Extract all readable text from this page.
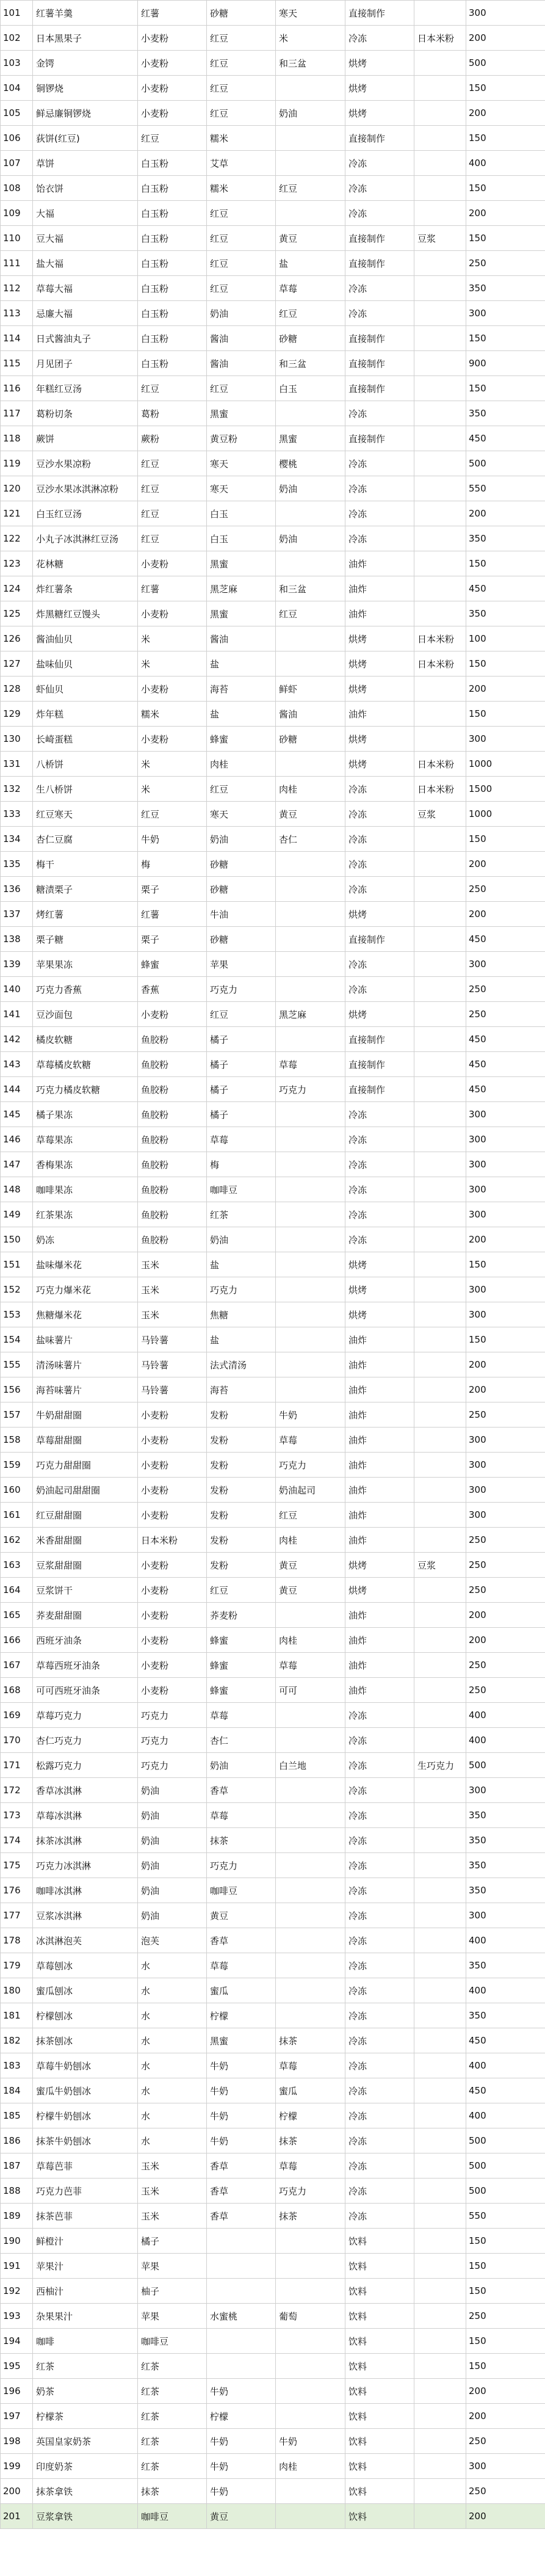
101	红薯羊羹	红薯	砂糖	寒天	直接制作		300
102	日本黑果子	小麦粉	红豆	米	冷冻	日本米粉	200
103	金锷	小麦粉	红豆	和三盆	烘烤		500
104	铜锣烧	小麦粉	红豆		烘烤		150
105	鲜忌廉铜锣烧	小麦粉	红豆	奶油	烘烤		200
106	荻饼(红豆)	红豆	糯米		直接制作		150
107	草饼	白玉粉	艾草		冷冻		400
108	饴衣饼	白玉粉	糯米	红豆	冷冻		150
109	大福	白玉粉	红豆		冷冻		200
110	豆大福	白玉粉	红豆	黄豆	直接制作	豆浆	150
111	盐大福	白玉粉	红豆	盐	直接制作		250
112	草莓大福	白玉粉	红豆	草莓	冷冻		350
113	忌廉大福	白玉粉	奶油	红豆	冷冻		300
114	日式酱油丸子	白玉粉	酱油	砂糖	直接制作		150
115	月见团子	白玉粉	酱油	和三盆	直接制作		900
116	年糕红豆汤	红豆	红豆	白玉	直接制作		150
117	葛粉切条	葛粉	黑蜜		冷冻		350
118	蕨饼	蕨粉	黄豆粉	黑蜜	直接制作		450
119	豆沙水果凉粉	红豆	寒天	樱桃	冷冻		500
120	豆沙水果冰淇淋凉粉	红豆	寒天	奶油	冷冻		550
121	白玉红豆汤	红豆	白玉		冷冻		200
122	小丸子冰淇淋红豆汤	红豆	白玉	奶油	冷冻		350
123	花林糖	小麦粉	黑蜜		油炸		150
124	炸红薯条	红薯	黑芝麻	和三盆	油炸		450
125	炸黑糖红豆馒头	小麦粉	黑蜜	红豆	油炸		350
126	酱油仙贝	米	酱油		烘烤	日本米粉	100
127	盐味仙贝	米	盐		烘烤	日本米粉	150
128	虾仙贝	小麦粉	海苔	鲜虾	烘烤		200
129	炸年糕	糯米	盐	酱油	油炸		150
130	长崎蛋糕	小麦粉	蜂蜜	砂糖	烘烤		300
131	八桥饼	米	肉桂		烘烤	日本米粉	1000
132	生八桥饼	米	红豆	肉桂	冷冻	日本米粉	1500
133	红豆寒天	红豆	寒天	黄豆	冷冻	豆浆	1000
134	杏仁豆腐	牛奶	奶油	杏仁	冷冻		150
135	梅干	梅	砂糖		冷冻		200
136	糖渍栗子	栗子	砂糖		冷冻		250
137	烤红薯	红薯	牛油		烘烤		200
138	栗子糖	栗子	砂糖		直接制作		450
139	苹果果冻	蜂蜜	苹果		冷冻		300
140	巧克力香蕉	香蕉	巧克力		冷冻		250
141	豆沙面包	小麦粉	红豆	黑芝麻	烘烤		250
142	橘皮软糖	鱼胶粉	橘子		直接制作		450
143	草莓橘皮软糖	鱼胶粉	橘子	草莓	直接制作		450
144	巧克力橘皮软糖	鱼胶粉	橘子	巧克力	直接制作		450
145	橘子果冻	鱼胶粉	橘子		冷冻		300
146	草莓果冻	鱼胶粉	草莓		冷冻		300
147	香梅果冻	鱼胶粉	梅		冷冻		300
148	咖啡果冻	鱼胶粉	咖啡豆		冷冻		300
149	红茶果冻	鱼胶粉	红茶		冷冻		300
150	奶冻	鱼胶粉	奶油		冷冻		200
151	盐味爆米花	玉米	盐		烘烤		150
152	巧克力爆米花	玉米	巧克力		烘烤		300
153	焦糖爆米花	玉米	焦糖		烘烤		300
154	盐味薯片	马铃薯	盐		油炸		150
155	清汤味薯片	马铃薯	法式清汤		油炸		200
156	海苔味薯片	马铃薯	海苔		油炸		200
157	牛奶甜甜圈	小麦粉	发粉	牛奶	油炸		250
158	草莓甜甜圈	小麦粉	发粉	草莓	油炸		300
159	巧克力甜甜圈	小麦粉	发粉	巧克力	油炸		300
160	奶油起司甜甜圈	小麦粉	发粉	奶油起司	油炸		300
161	红豆甜甜圈	小麦粉	发粉	红豆	油炸		300
162	米香甜甜圈	日本米粉	发粉	肉桂	油炸		250
163	豆浆甜甜圈	小麦粉	发粉	黄豆	烘烤	豆浆	250
164	豆浆饼干	小麦粉	红豆	黄豆	烘烤		250
165	荞麦甜甜圈	小麦粉	荞麦粉		油炸		200
166	西班牙油条	小麦粉	蜂蜜	肉桂	油炸		200
167	草莓西班牙油条	小麦粉	蜂蜜	草莓	油炸		250
168	可可西班牙油条	小麦粉	蜂蜜	可可	油炸		250
169	草莓巧克力	巧克力	草莓		冷冻		400
170	杏仁巧克力	巧克力	杏仁		冷冻		400
171	松露巧克力	巧克力	奶油	白兰地	冷冻	生巧克力	500
172	香草冰淇淋	奶油	香草		冷冻		300
173	草莓冰淇淋	奶油	草莓		冷冻		350
174	抹茶冰淇淋	奶油	抹茶		冷冻		350
175	巧克力冰淇淋	奶油	巧克力		冷冻		350
176	咖啡冰淇淋	奶油	咖啡豆		冷冻		350
177	豆浆冰淇淋	奶油	黄豆		冷冻		300
178	冰淇淋泡芙	泡芙	香草		冷冻		400
179	草莓刨冰	水	草莓		冷冻		350
180	蜜瓜刨冰	水	蜜瓜		冷冻		400
181	柠檬刨冰	水	柠檬		冷冻		350
182	抹茶刨冰	水	黑蜜	抹茶	冷冻		450
183	草莓牛奶刨冰	水	牛奶	草莓	冷冻		400
184	蜜瓜牛奶刨冰	水	牛奶	蜜瓜	冷冻		450
185	柠檬牛奶刨冰	水	牛奶	柠檬	冷冻		400
186	抹茶牛奶刨冰	水	牛奶	抹茶	冷冻		500
187	草莓芭菲	玉米	香草	草莓	冷冻		500
188	巧克力芭菲	玉米	香草	巧克力	冷冻		500
189	抹茶芭菲	玉米	香草	抹茶	冷冻		550
190	鲜橙汁	橘子			饮料		150
191	苹果汁	苹果			饮料		150
192	西柚汁	柚子			饮料		150
193	杂果果汁	苹果	水蜜桃	葡萄	饮料		250
194	咖啡	咖啡豆			饮料		150
195	红茶	红茶			饮料		150
196	奶茶	红茶	牛奶		饮料		200
197	柠檬茶	红茶	柠檬		饮料		200
198	英国皇家奶茶	红茶	牛奶	牛奶	饮料		250
199	印度奶茶	红茶	牛奶	肉桂	饮料		300
200	抹茶拿铁	抹茶	牛奶		饮料		250
201	豆浆拿铁	咖啡豆	黄豆		饮料		200
